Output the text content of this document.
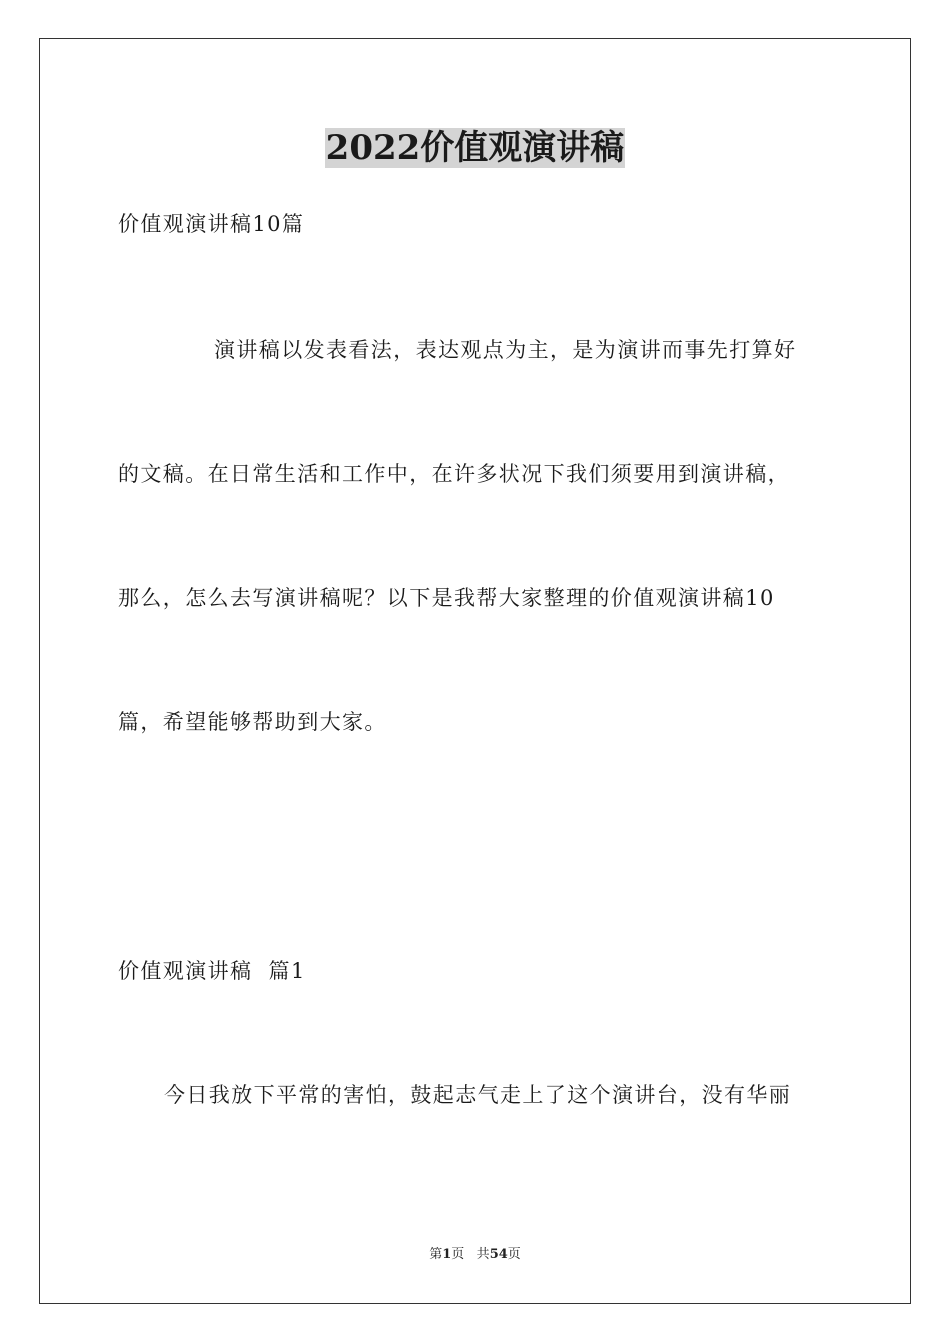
2022价值观演讲稿

价值观演讲稿10篇

演讲稿以发表看法，表达观点为主，是为演讲而事先打算好

的文稿。在日常生活和工作中，在许多状况下我们须要用到演讲稿，

那么，怎么去写演讲稿呢？以下是我帮大家整理的价值观演讲稿10

篇，希望能够帮助到大家。

价值观演讲稿  篇1

今日我放下平常的害怕，鼓起志气走上了这个演讲台，没有华丽

第1页 共54页
